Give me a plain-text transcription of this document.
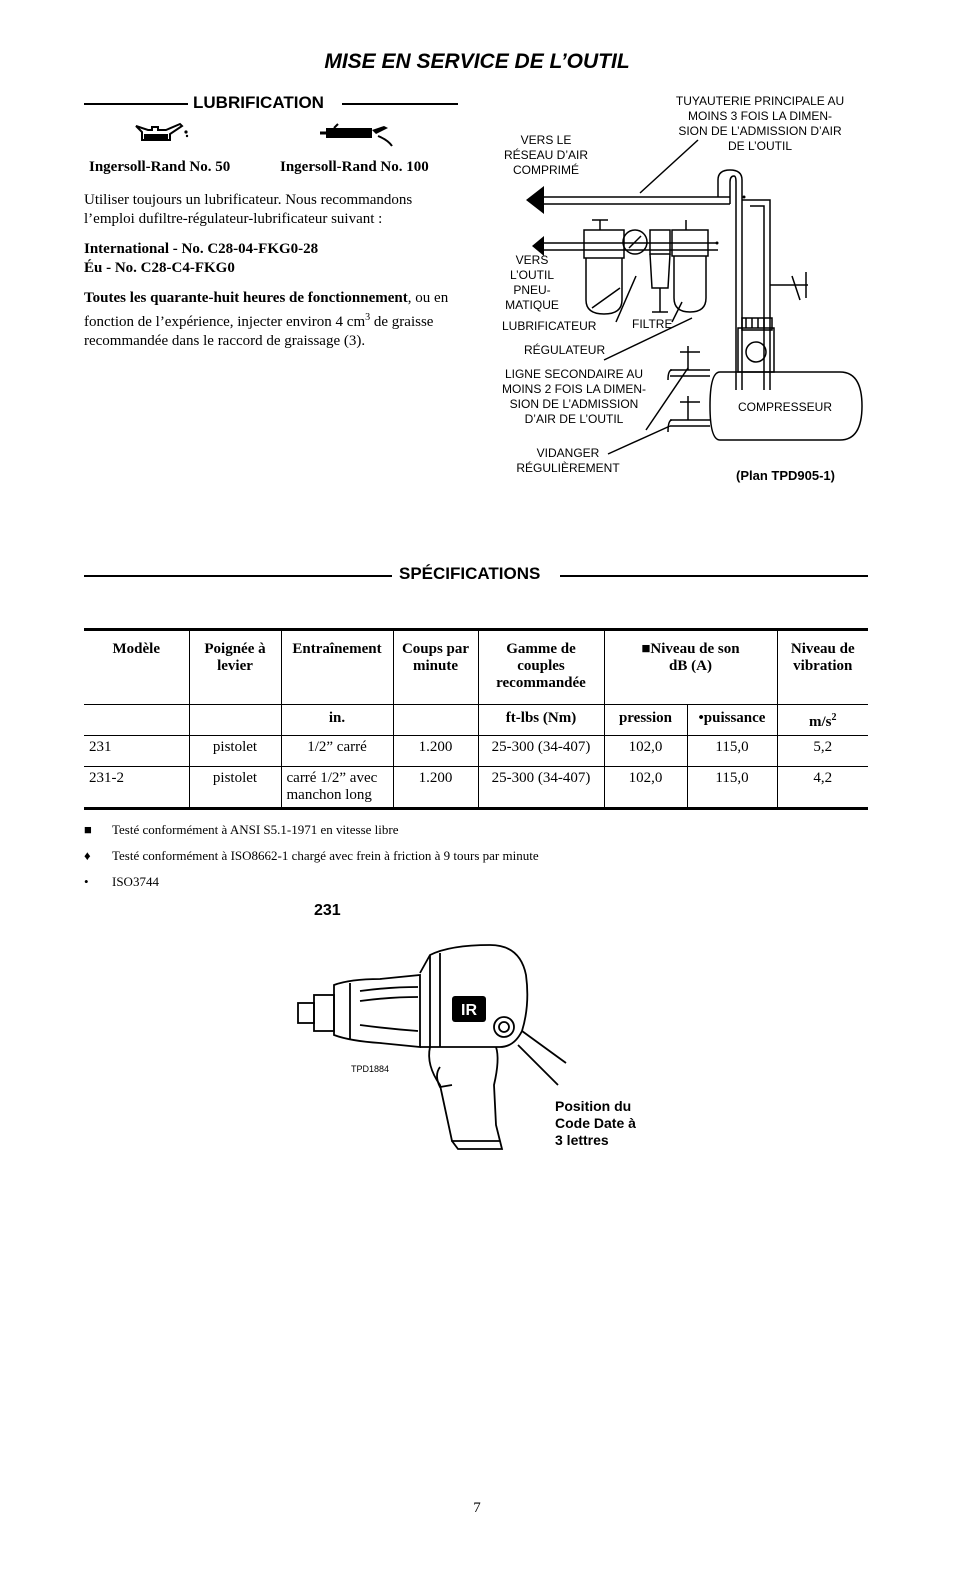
MISE EN SERVICE DE L’OUTIL
LUBRIFICATION
Ingersoll-Rand No. 50	Ingersoll-Rand No. 100
Utiliser toujours un lubrificateur. Nous recommandons l’emploi dufiltre-régulateur-lubrificateur suivant :
International - No. C28-04-FKG0-28
Éu - No. C28-C4-FKG0
Toutes les quarante-huit heures de fonctionnement, ou en fonction de l’expérience, injecter environ 4 $cm^3$ de graisse recommandée dans le raccord de graissage (3).
TUYAUTERIE PRINCIPALE AU
MOINS 3 FOIS LA DIMEN-
SION DE L’ADMISSION D’AIR
DE L’OUTIL
VERS LE
RÉSEAU D’AIR
COMPRIMÉ
VERS
L’OUTIL
PNEU-
MATIQUE
LUBRIFICATEUR	FILTRE
RÉGULATEUR
LIGNE SECONDAIRE AU
MOINS 2 FOIS LA DIMEN-
SION DE L’ADMISSION
D’AIR DE L’OUTIL
COMPRESSEUR
VIDANGER
RÉGULIÈREMENT	(Plan TPD905-1)
SPÉCIFICATIONS
Modèle	Poignée à levier	Entraînement	Coups par minute	Gamme de couples recommandée	■Niveau de son dB (A)		Niveau de vibration
		in.		ft-lbs (Nm)	pression	•puissance	$m/s^2$
231	pistolet	1/2” carré	1.200	25-300 (34-407)	102,0	115,0	5,2
231-2	pistolet	carré 1/2” avec manchon long	1.200	25-300 (34-407)	102,0	115,0	4,2
■ Testé conformément à ANSI S5.1-1971 en vitesse libre
♦ Testé conformément à ISO8662-1 chargé avec frein à friction à 9 tours par minute
• ISO3744
231
IR
TPD1884
Position du
Code Date à
3 lettres
7
